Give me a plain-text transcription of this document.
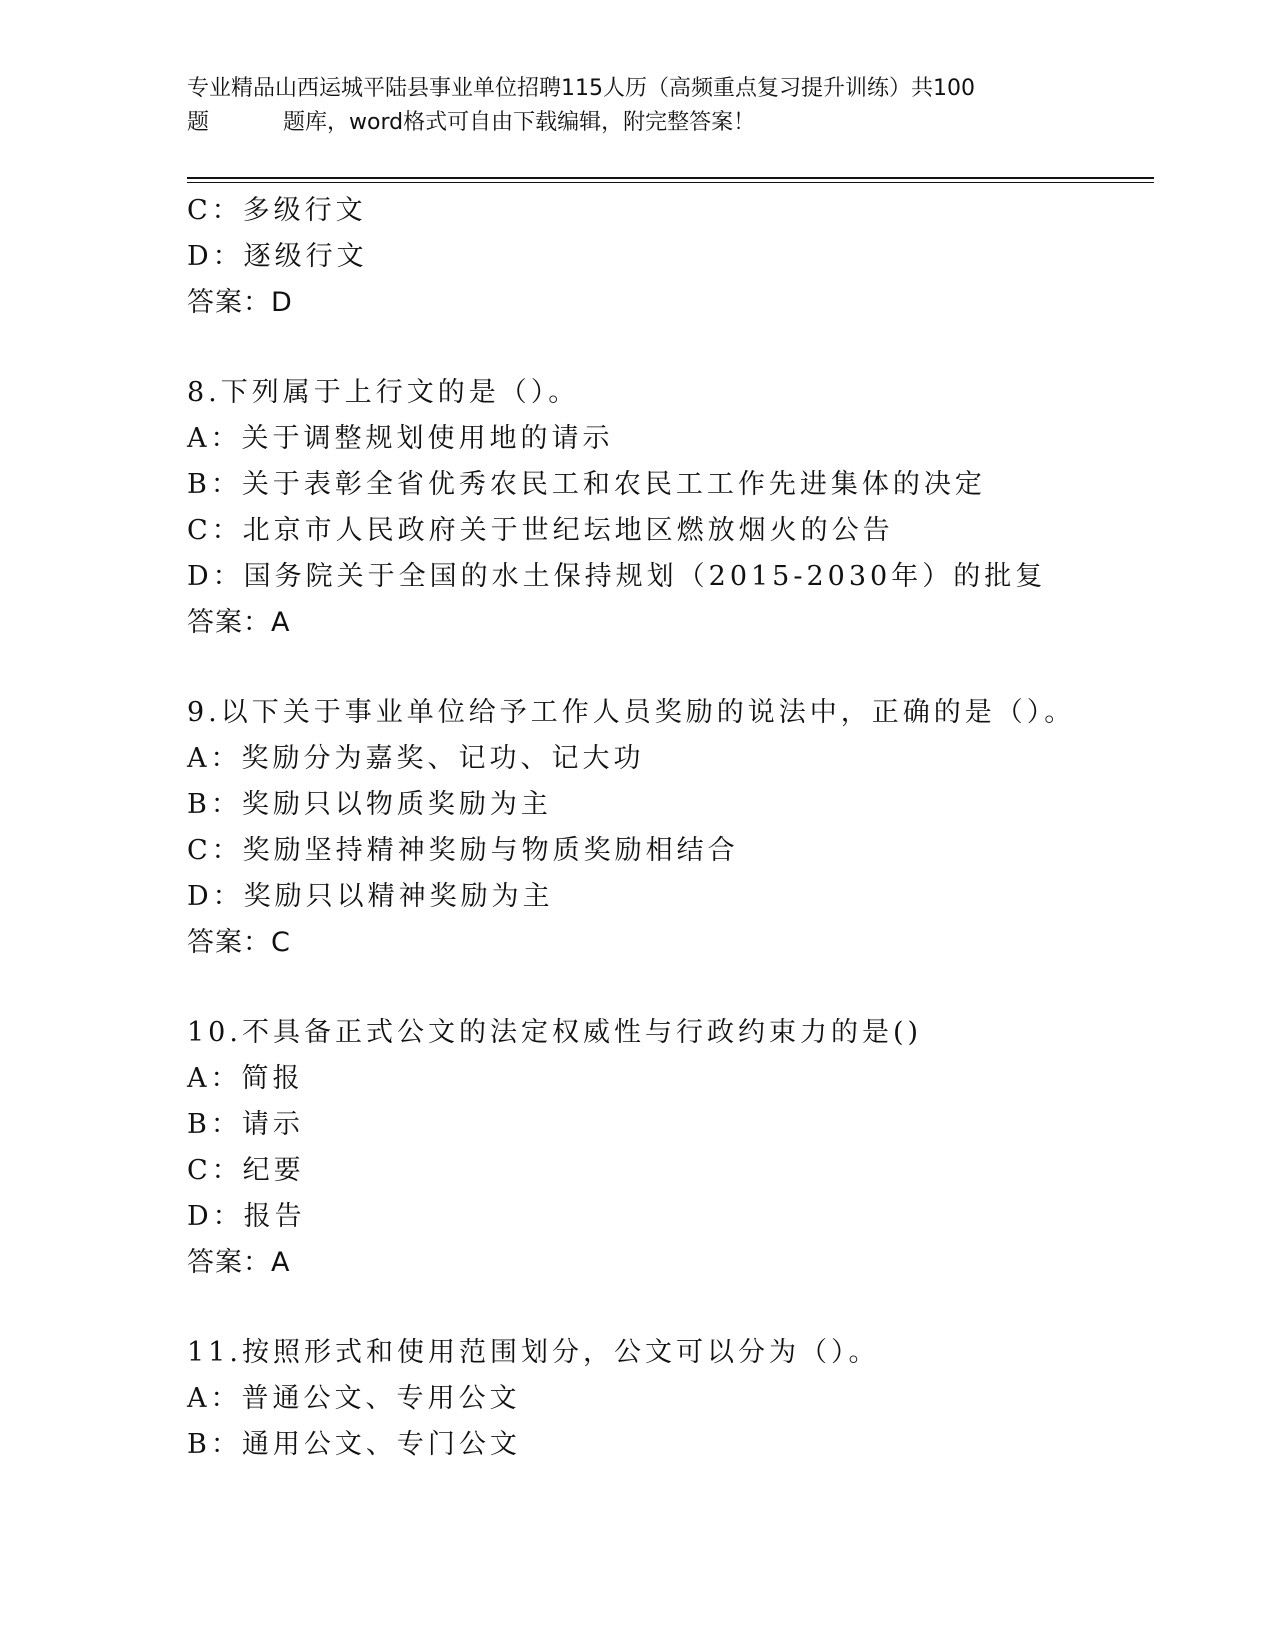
专业精品山西运城平陆县事业单位招聘115人历（高频重点复习提升训练）共100
题	题库，word格式可自由下载编辑，附完整答案！
C：多级行文
D：逐级行文
答案：D
8.下列属于上行文的是（）。
A：关于调整规划使用地的请示
B：关于表彰全省优秀农民工和农民工工作先进集体的决定
C：北京市人民政府关于世纪坛地区燃放烟火的公告
D：国务院关于全国的水土保持规划（2015-2030年）的批复
答案：A
9.以下关于事业单位给予工作人员奖励的说法中，正确的是（）。
A：奖励分为嘉奖、记功、记大功
B：奖励只以物质奖励为主
C：奖励坚持精神奖励与物质奖励相结合
D：奖励只以精神奖励为主
答案：C
10.不具备正式公文的法定权威性与行政约束力的是()
A：简报
B：请示
C：纪要
D：报告
答案：A
11.按照形式和使用范围划分，公文可以分为（）。
A：普通公文、专用公文
B：通用公文、专门公文
